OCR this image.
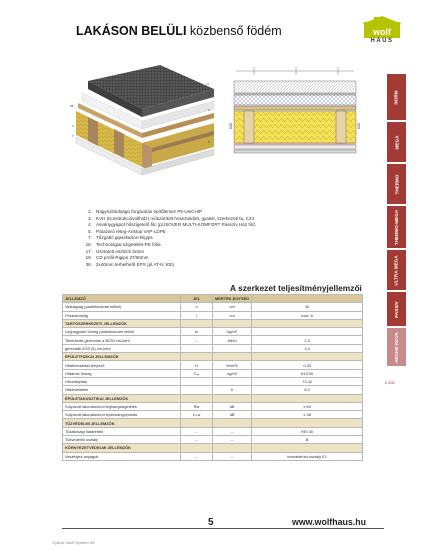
LAKÁSON BELÜLI közbenső födém	wolf
HAUS
4
7
36
17
2
3
6/20	6/20
2. Nagyszilárdságú forgácsiás építőlemez P5-UniCHIP
3. KVH (Konstrukcióvollholz) műszárított hossztoldott, gyalult, szerkezeti fa, C24
4. Ásványgyapot hőszigetelő filc (pl.ISOVER MULTI-KOMFORT Passzív Ház filc)
5. Párazáró réteg-Aristop VAP-LDPE
7. Tűzgátló gipszkarton-Rigips
16. Technológiai szigetelés-PE fólia
17. Úsztatott esztrich beton
19. CD profil-Rigips 27/60mm
36. 2x40mm terhelhető EPS (pl.AT-N 100)
A szerkezet teljesítményjellemzői
JELLEMZŐ	JEL	MÉRTÉK-EGYSÉG	
Vastagság (padlóburkolat nélkül)	h	cm	40
Fesztávolság	l	cm	max. 6
TARTÓSZERKEZETI JELLEMZŐK			
Legnagyobb tömeg padlóburkolat nélkül	m	kg/m²	
Teherbírás gerendák a 30/30 cm-ként	–	kN/m	2,5
gerendák 5/20 (5) cm-ként			3,4
ÉPÜLETFIZIKAI JELLEMZŐK			
Hőátbocsátási tényező	U	W/m²K	0,30
Hőtároló tömeg	Cₘ	kg/m²	61/100
Hőcsillapítás			73,42
Hőkésleltetés		h	8,0
ÉPÜLETAKUSZTIKAI JELLEMZŐK			
Súlyozott laboratóriumi léghangszigetelés	Rw	dB	≥ 64
Súlyozott laboratóriumi lépéshangnyomás	Lₙ,w	dB	≤ 38
TŰZVÉDELMI JELLEMZŐK			
Tűzállósági határérték	–	–	REI 30
Tűzvédelmi osztály	–	–	B
KÖRNYEZETVÉDELMI JELLEMZŐK			
Veszélyes anyagok	–	–	formaldehid-osztály E1
NORM
MEGA
THERMO
THERMO-MEGA
ULTRA MEGA
PASSIV
ARCHE NOVA
0,208
5	www.wolfhaus.hu
Gyártó: Wolf System Kft
